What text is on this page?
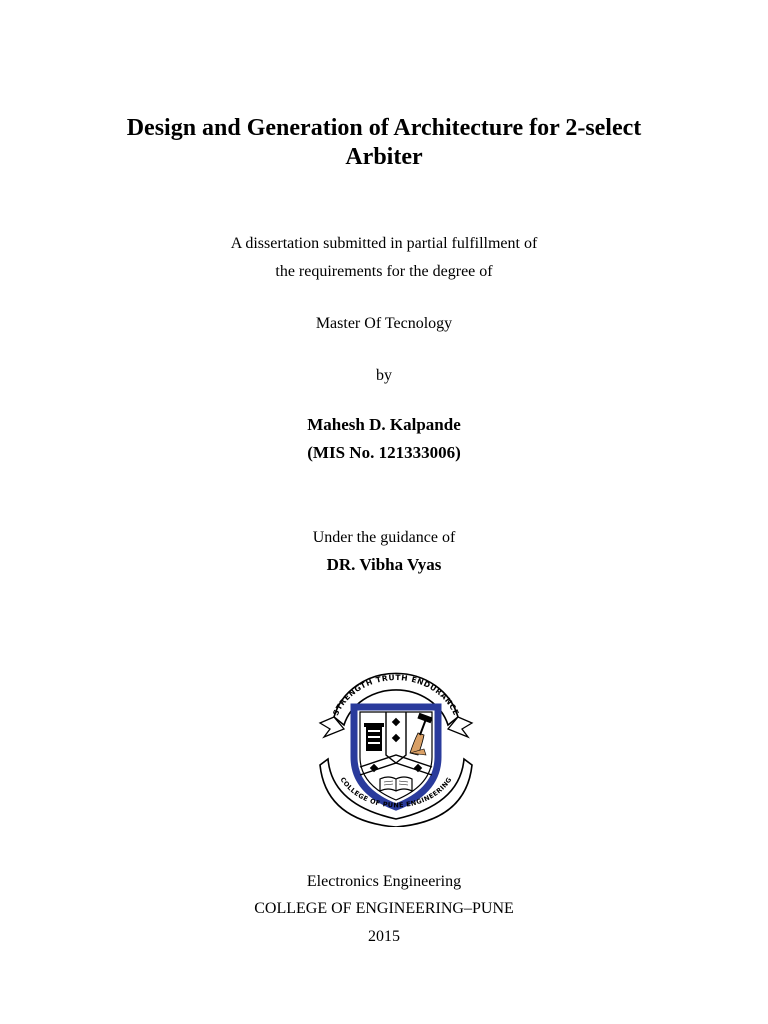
Design and Generation of Architecture for 2-select
Arbiter
A dissertation submitted in partial fulfillment of
the requirements for the degree of
Master Of Tecnology
by
Mahesh D. Kalpande
(MIS No. 121333006)
Under the guidance of
DR. Vibha Vyas
STRENGTH TRUTH ENDURANCE
COLLEGE OF PUNE ENGINEERING
Electronics Engineering
COLLEGE OF ENGINEERING–PUNE
2015
